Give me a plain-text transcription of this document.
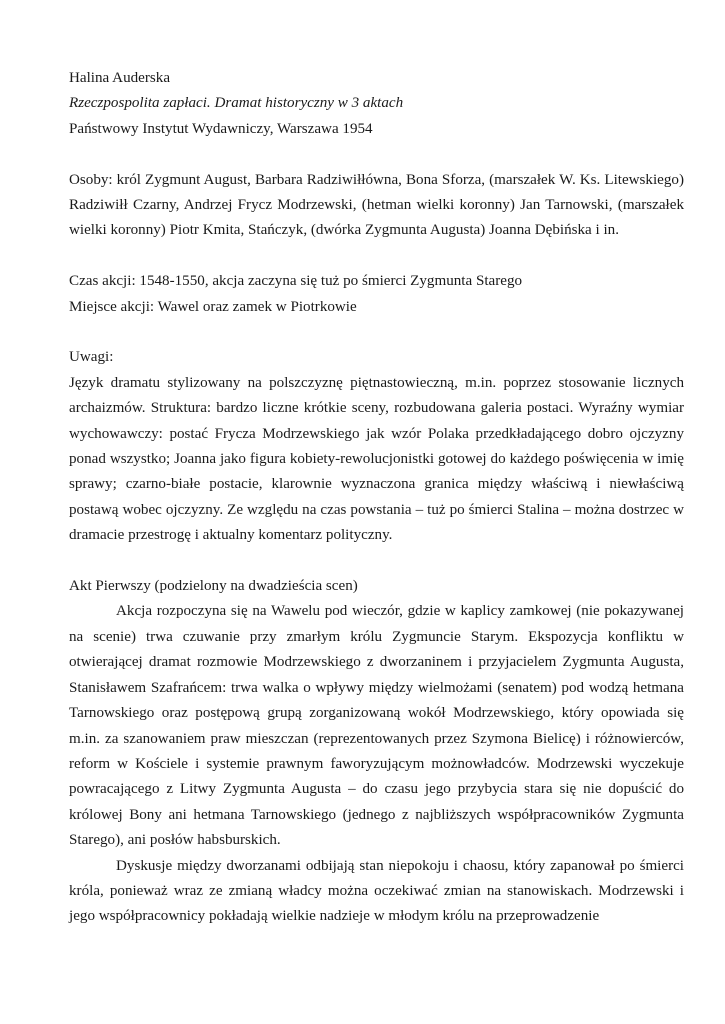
Halina Auderska
Rzeczpospolita zapłaci. Dramat historyczny w 3 aktach
Państwowy Instytut Wydawniczy, Warszawa 1954

Osoby: król Zygmunt August, Barbara Radziwiłłówna, Bona Sforza, (marszałek W. Ks. Litewskiego) Radziwiłł Czarny, Andrzej Frycz Modrzewski, (hetman wielki koronny) Jan Tarnowski, (marszałek wielki koronny) Piotr Kmita, Stańczyk, (dwórka Zygmunta Augusta) Joanna Dębińska i in.

Czas akcji: 1548-1550, akcja zaczyna się tuż po śmierci Zygmunta Starego
Miejsce akcji: Wawel oraz zamek w Piotrkowie
Uwagi:

Język dramatu stylizowany na polszczyznę piętnastowieczną, m.in. poprzez stosowanie licznych archaizmów. Struktura: bardzo liczne krótkie sceny, rozbudowana galeria postaci. Wyraźny wymiar wychowawczy: postać Frycza Modrzewskiego jak wzór Polaka przedkładającego dobro ojczyzny ponad wszystko; Joanna jako figura kobiety-rewolucjonistki gotowej do każdego poświęcenia w imię sprawy; czarno-białe postacie, klarownie wyznaczona granica między właściwą i niewłaściwą postawą wobec ojczyzny. Ze względu na czas powstania – tuż po śmierci Stalina – można dostrzec w dramacie przestrogę i aktualny komentarz polityczny.

Akt Pierwszy (podzielony na dwadzieścia scen)

Akcja rozpoczyna się na Wawelu pod wieczór, gdzie w kaplicy zamkowej (nie pokazywanej na scenie) trwa czuwanie przy zmarłym królu Zygmuncie Starym. Ekspozycja konfliktu w otwierającej dramat rozmowie Modrzewskiego z dworzaninem i przyjacielem Zygmunta Augusta, Stanisławem Szafrańcem: trwa walka o wpływy między wielmożami (senatem) pod wodzą hetmana Tarnowskiego oraz postępową grupą zorganizowaną wokół Modrzewskiego, który opowiada się m.in. za szanowaniem praw mieszczan (reprezentowanych przez Szymona Bielicę) i różnowierców, reform w Kościele i systemie prawnym faworyzującym możnowładców. Modrzewski wyczekuje powracającego z Litwy Zygmunta Augusta – do czasu jego przybycia stara się nie dopuścić do królowej Bony ani hetmana Tarnowskiego (jednego z najbliższych współpracowników Zygmunta Starego), ani posłów habsburskich.

Dyskusje między dworzanami odbijają stan niepokoju i chaosu, który zapanował po śmierci króla, ponieważ wraz ze zmianą władcy można oczekiwać zmian na stanowiskach. Modrzewski i jego współpracownicy pokładają wielkie nadzieje w młodym królu na przeprowadzenie
